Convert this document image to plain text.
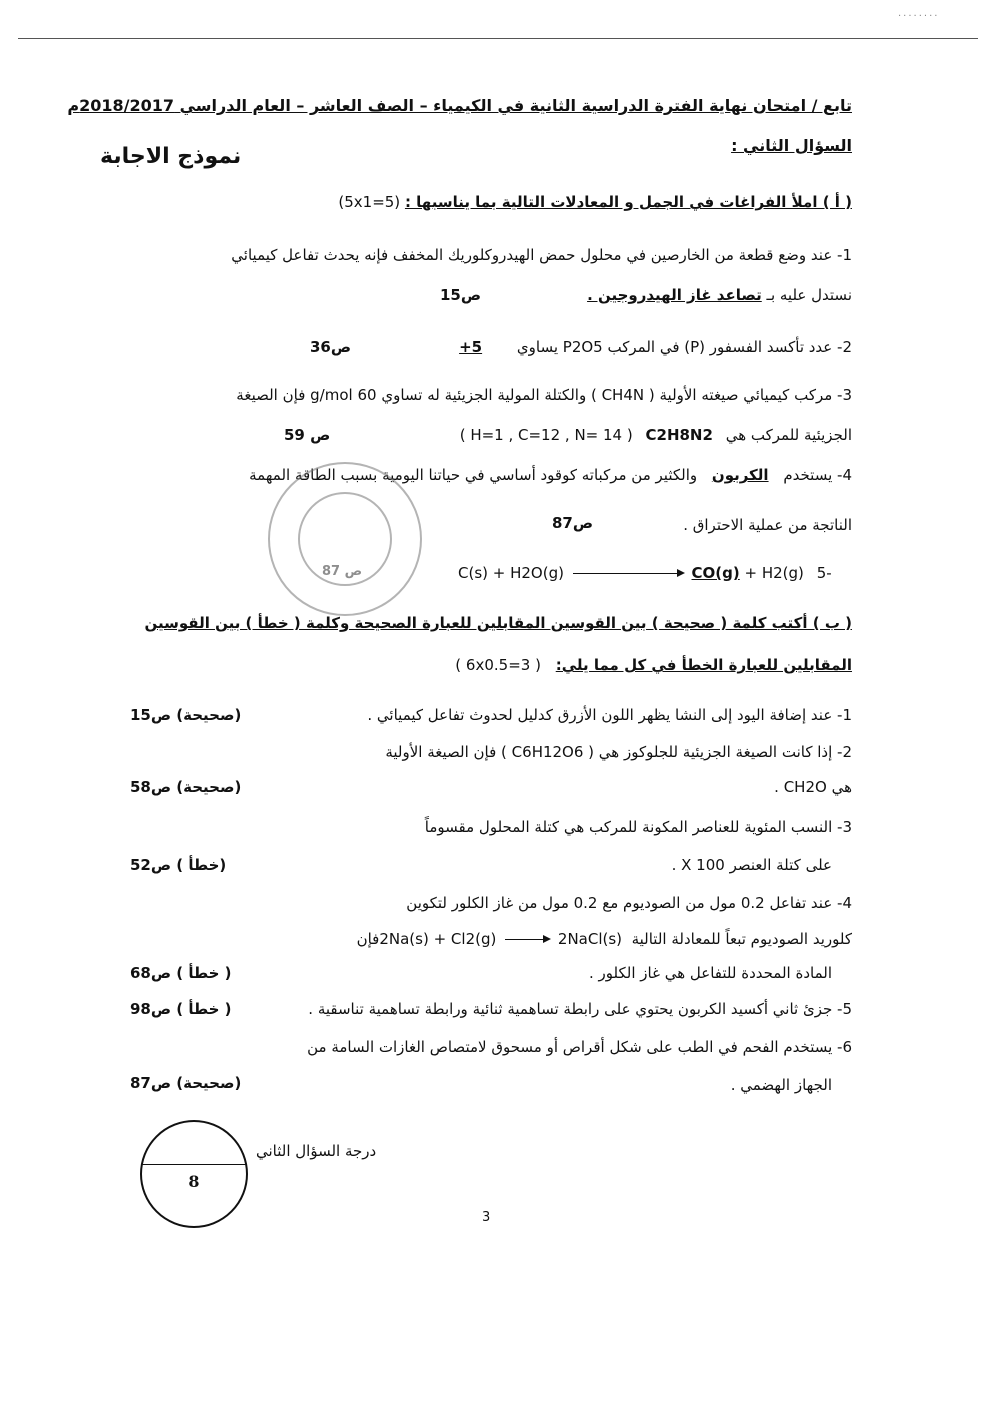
........
تابع / امتحان نهاية الفترة الدراسية الثانية في الكيمياء – الصف العاشر – العام الدراسي 2018/2017م
السؤال الثاني :
نموذج الاجابة
( أ ) املأ الفراغات في الجمل و المعادلات التالية بما يناسبها : (5x1=5)
1- عند وضع قطعة من الخارصين في محلول حمض الهيدروكلوريك المخفف فإنه يحدث تفاعل كيميائي
نستدل عليه بـ تصاعد غاز الهيدروجين .
ص15
2- عدد تأكسد الفسفور (P) في المركب P2O5 يساوي +5
ص36
3- مركب كيميائي صيغته الأولية ( CH4N ) والكتلة المولية الجزيئية له تساوي 60 g/mol فإن الصيغة
الجزيئية للمركب هي C2H8N2 ( H=1 , C=12 , N= 14 )
ص 59
4- يستخدم الكربون والكثير من مركباته كوقود أساسي في حياتنا اليومية بسبب الطاقة المهمة
الناتجة من عملية الاحتراق .
ص87
C(s) + H2O(g)	CO(g) + H2(g) 5-
ص 87
( ب ) أكتب كلمة ( صحيحة ) بين القوسين المقابلين للعبارة الصحيحة وكلمة ( خطأ ) بين القوسين
المقابلين للعبارة الخطأ في كل مما يلي: ( 6x0.5=3 )
1- عند إضافة اليود إلى النشا يظهر اللون الأزرق كدليل لحدوث تفاعل كيميائي .
(صحيحة) ص15
2- إذا كانت الصيغة الجزيئية للجلوكوز هي ( C6H12O6 ) فإن الصيغة الأولية
هي CH2O .
(صحيحة) ص58
3- النسب المئوية للعناصر المكونة للمركب هي كتلة المحلول مقسوماً
على كتلة العنصر X 100 .
(خطأ ) ص52
4- عند تفاعل 0.2 مول من الصوديوم مع 0.2 مول من غاز الكلور لتكوين
كلوريد الصوديوم تبعاً للمعادلة التالية 2Na(s) + Cl2(g)	2NaCl(s) فإن
المادة المحددة للتفاعل هي غاز الكلور .
( خطأ ) ص68
5- جزئ ثاني أكسيد الكربون يحتوي على رابطة تساهمية ثنائية ورابطة تساهمية تناسقية .
( خطأ ) ص98
6- يستخدم الفحم في الطب على شكل أقراص أو مسحوق لامتصاص الغازات السامة من
الجهاز الهضمي .
(صحيحة) ص87
درجة السؤال الثاني
8
3
